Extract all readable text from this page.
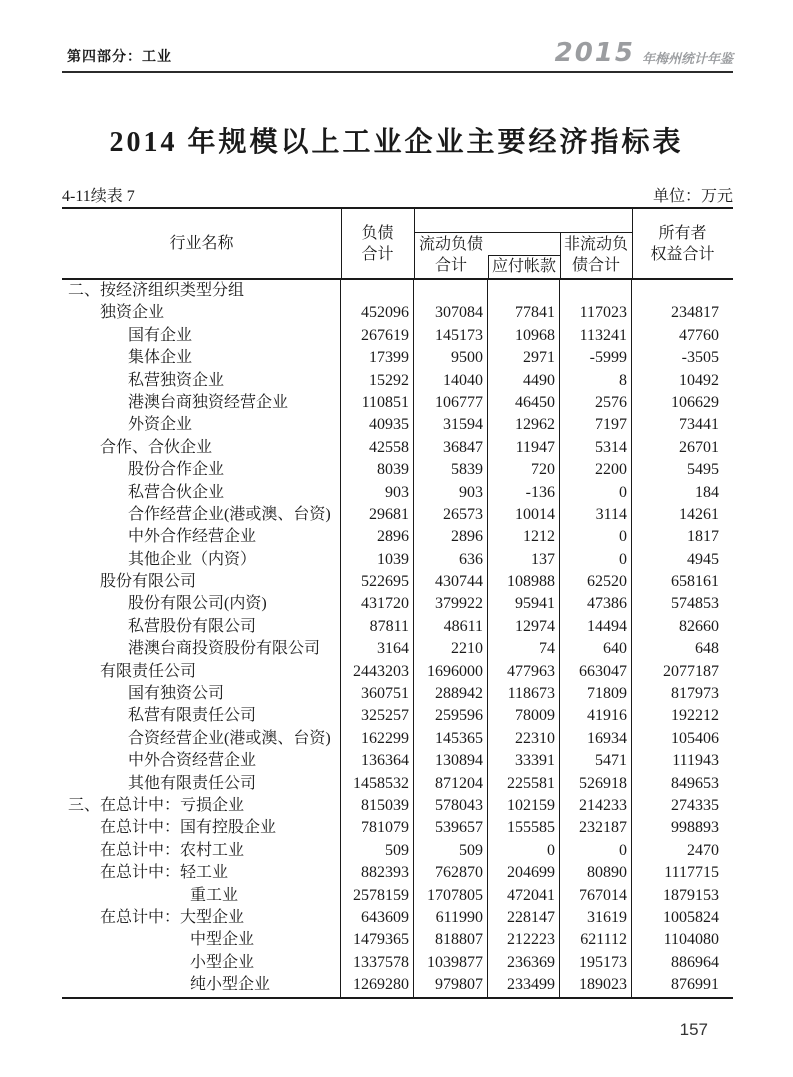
第四部分：工业	2015 年梅州统计年鉴
2014 年规模以上工业企业主要经济指标表
4-11续表 7	单位：万元
行业名称
负债
合计
流动负债
合计	应付帐款
非流动负
债合计
所有者
权益合计
二、按经济组织类型分组
独资企业	452096	307084	77841	117023	234817
国有企业	267619	145173	10968	113241	47760
集体企业	17399	9500	2971	-5999	-3505
私营独资企业	15292	14040	4490	8	10492
港澳台商独资经营企业	110851	106777	46450	2576	106629
外资企业	40935	31594	12962	7197	73441
合作、合伙企业	42558	36847	11947	5314	26701
股份合作企业	8039	5839	720	2200	5495
私营合伙企业	903	903	-136	0	184
合作经营企业(港或澳、台资)	29681	26573	10014	3114	14261
中外合作经营企业	2896	2896	1212	0	1817
其他企业（内资）	1039	636	137	0	4945
股份有限公司	522695	430744	108988	62520	658161
股份有限公司(内资)	431720	379922	95941	47386	574853
私营股份有限公司	87811	48611	12974	14494	82660
港澳台商投资股份有限公司	3164	2210	74	640	648
有限责任公司	2443203	1696000	477963	663047	2077187
国有独资公司	360751	288942	118673	71809	817973
私营有限责任公司	325257	259596	78009	41916	192212
合资经营企业(港或澳、台资)	162299	145365	22310	16934	105406
中外合资经营企业	136364	130894	33391	5471	111943
其他有限责任公司	1458532	871204	225581	526918	849653
三、在总计中：亏损企业	815039	578043	102159	214233	274335
在总计中：国有控股企业	781079	539657	155585	232187	998893
在总计中：农村工业	509	509	0	0	2470
在总计中：轻工业	882393	762870	204699	80890	1117715
重工业	2578159	1707805	472041	767014	1879153
在总计中：大型企业	643609	611990	228147	31619	1005824
中型企业	1479365	818807	212223	621112	1104080
小型企业	1337578	1039877	236369	195173	886964
纯小型企业	1269280	979807	233499	189023	876991
157
